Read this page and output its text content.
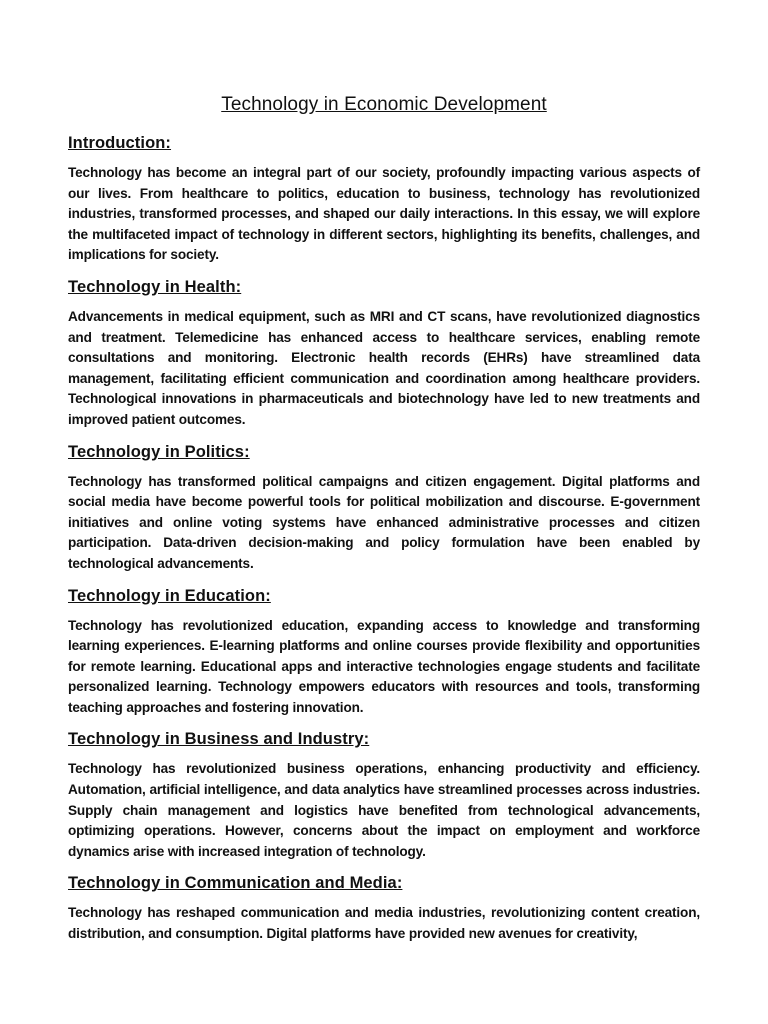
Technology in Economic Development
Introduction:

Technology has become an integral part of our society, profoundly impacting various aspects of our lives. From healthcare to politics, education to business, technology has revolutionized industries, transformed processes, and shaped our daily interactions. In this essay, we will explore the multifaceted impact of technology in different sectors, highlighting its benefits, challenges, and implications for society.

Technology in Health:

Advancements in medical equipment, such as MRI and CT scans, have revolutionized diagnostics and treatment. Telemedicine has enhanced access to healthcare services, enabling remote consultations and monitoring. Electronic health records (EHRs) have streamlined data management, facilitating efficient communication and coordination among healthcare providers. Technological innovations in pharmaceuticals and biotechnology have led to new treatments and improved patient outcomes.

Technology in Politics:

Technology has transformed political campaigns and citizen engagement. Digital platforms and social media have become powerful tools for political mobilization and discourse. E-government initiatives and online voting systems have enhanced administrative processes and citizen participation. Data-driven decision-making and policy formulation have been enabled by technological advancements.

Technology in Education:

Technology has revolutionized education, expanding access to knowledge and transforming learning experiences. E-learning platforms and online courses provide flexibility and opportunities for remote learning. Educational apps and interactive technologies engage students and facilitate personalized learning. Technology empowers educators with resources and tools, transforming teaching approaches and fostering innovation.

Technology in Business and Industry:

Technology has revolutionized business operations, enhancing productivity and efficiency. Automation, artificial intelligence, and data analytics have streamlined processes across industries. Supply chain management and logistics have benefited from technological advancements, optimizing operations. However, concerns about the impact on employment and workforce dynamics arise with increased integration of technology.

Technology in Communication and Media:

Technology has reshaped communication and media industries, revolutionizing content creation, distribution, and consumption. Digital platforms have provided new avenues for creativity,
